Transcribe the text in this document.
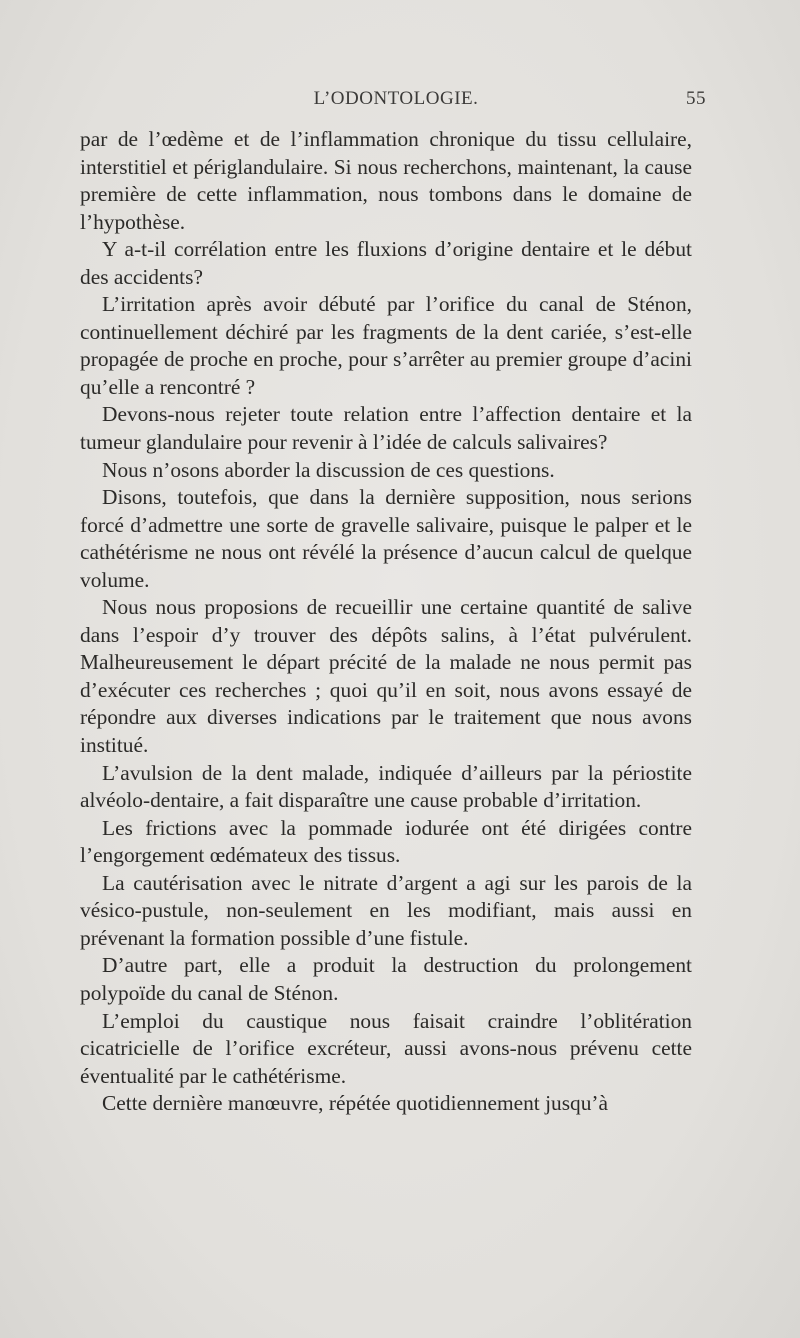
L’ODONTOLOGIE.	55

par de l’œdème et de l’inflammation chronique du tissu cellulaire, interstitiel et périglandulaire. Si nous recherchons, maintenant, la cause première de cette inflammation, nous tombons dans le domaine de l’hypothèse.

Y a-t-il corrélation entre les fluxions d’origine dentaire et le début des accidents?

L’irritation après avoir débuté par l’orifice du canal de Sténon, continuellement déchiré par les fragments de la dent cariée, s’est-elle propagée de proche en proche, pour s’arrêter au premier groupe d’acini qu’elle a rencontré ?

Devons-nous rejeter toute relation entre l’affection dentaire et la tumeur glandulaire pour revenir à l’idée de calculs salivaires?

Nous n’osons aborder la discussion de ces questions.

Disons, toutefois, que dans la dernière supposition, nous serions forcé d’admettre une sorte de gravelle salivaire, puisque le palper et le cathétérisme ne nous ont révélé la présence d’aucun calcul de quelque volume.

Nous nous proposions de recueillir une certaine quantité de salive dans l’espoir d’y trouver des dépôts salins, à l’état pulvérulent. Malheureusement le départ précité de la malade ne nous permit pas d’exécuter ces recherches ; quoi qu’il en soit, nous avons essayé de répondre aux diverses indications par le traitement que nous avons institué.

L’avulsion de la dent malade, indiquée d’ailleurs par la périostite alvéolo-dentaire, a fait disparaître une cause probable d’irritation.

Les frictions avec la pommade iodurée ont été dirigées contre l’engorgement œdémateux des tissus.

La cautérisation avec le nitrate d’argent a agi sur les parois de la vésico-pustule, non-seulement en les modifiant, mais aussi en prévenant la formation possible d’une fistule.

D’autre part, elle a produit la destruction du prolongement polypoïde du canal de Sténon.

L’emploi du caustique nous faisait craindre l’oblitération cicatricielle de l’orifice excréteur, aussi avons-nous prévenu cette éventualité par le cathétérisme.

Cette dernière manœuvre, répétée quotidiennement jusqu’à
